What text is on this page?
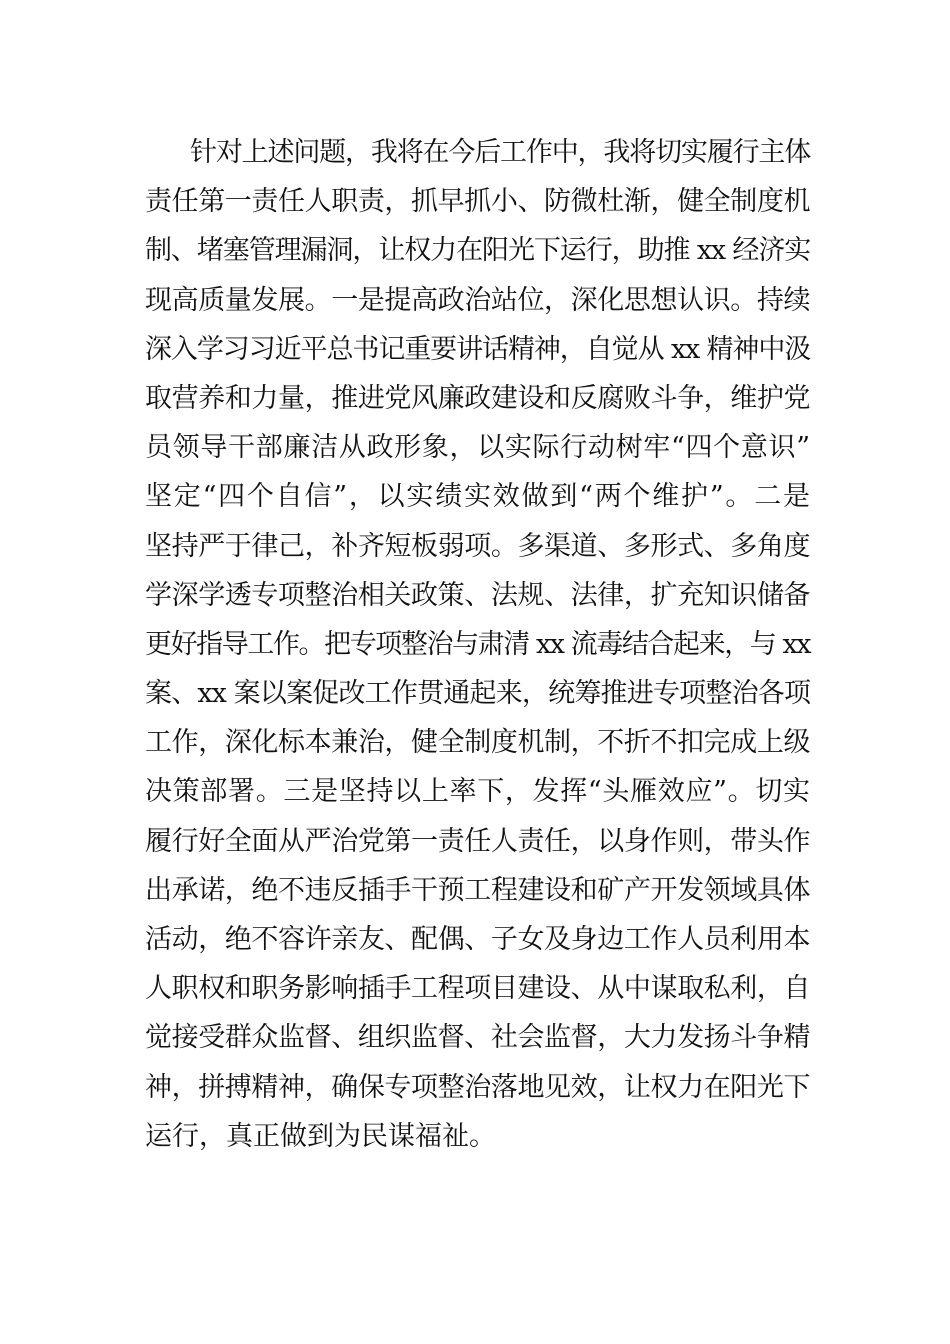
针对上述问题，我将在今后工作中，我将切实履行主体
责任第一责任人职责，抓早抓小、防微杜渐，健全制度机
制、堵塞管理漏洞，让权力在阳光下运行，助推 xx 经济实
现高质量发展。一是提高政治站位，深化思想认识。持续
深入学习习近平总书记重要讲话精神，自觉从 xx 精神中汲
取营养和力量，推进党风廉政建设和反腐败斗争，维护党
员领导干部廉洁从政形象，以实际行动树牢“四个意识”
坚定“四个自信”，以实绩实效做到“两个维护”。二是
坚持严于律己，补齐短板弱项。多渠道、多形式、多角度
学深学透专项整治相关政策、法规、法律，扩充知识储备
更好指导工作。把专项整治与肃清 xx 流毒结合起来，与 xx
案、xx 案以案促改工作贯通起来，统筹推进专项整治各项
工作，深化标本兼治，健全制度机制，不折不扣完成上级
决策部署。三是坚持以上率下，发挥“头雁效应”。切实
履行好全面从严治党第一责任人责任，以身作则，带头作
出承诺，绝不违反插手干预工程建设和矿产开发领域具体
活动，绝不容许亲友、配偶、子女及身边工作人员利用本
人职权和职务影响插手工程项目建设、从中谋取私利，自
觉接受群众监督、组织监督、社会监督，大力发扬斗争精
神，拼搏精神，确保专项整治落地见效，让权力在阳光下
运行，真正做到为民谋福祉。
